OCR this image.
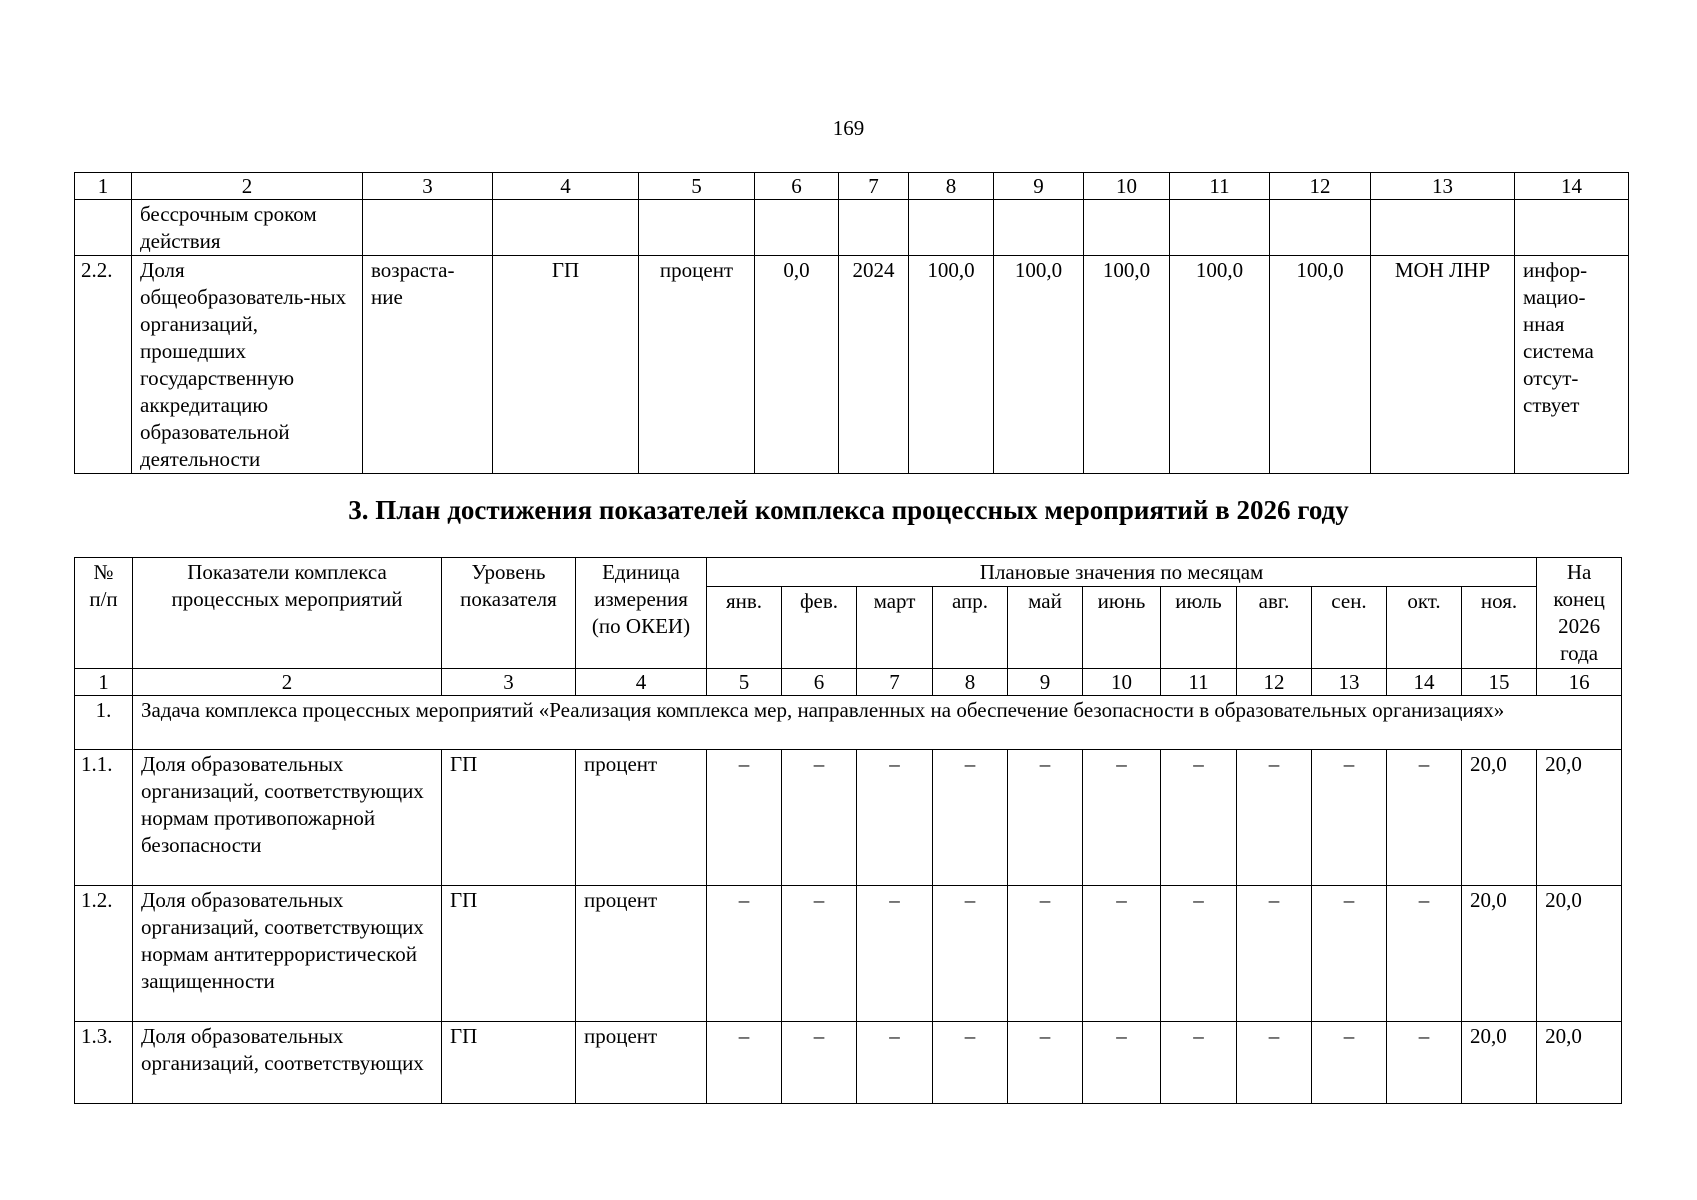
169
1	2	3	4	5	6	7	8	9	10	11	12	13	14
	бессрочным сроком действия												
2.2.	Доля общеобразователь-ных организаций, прошедших государственную аккредитацию образовательной деятельности	возраста-ние	ГП	процент	0,0	2024	100,0	100,0	100,0	100,0	100,0	МОН ЛНР	инфор-мацио-нная система отсут-ствует
3. План достижения показателей комплекса процессных мероприятий в 2026 году
№ п/п	Показатели комплекса процессных мероприятий	Уровень показателя	Единица измерения (по ОКЕИ)	Плановые значения по месяцам											На конец 2026 года
				янв.	фев.	март	апр.	май	июнь	июль	авг.	сен.	окт.	ноя.	
1	2	3	4	5	6	7	8	9	10	11	12	13	14	15	16
1.	Задача комплекса процессных мероприятий «Реализация комплекса мер, направленных на обеспечение безопасности в образовательных организациях»														
1.1.	Доля образовательных организаций, соответствующих нормам противопожарной безопасности	ГП	процент	–	–	–	–	–	–	–	–	–	–	20,0	20,0
1.2.	Доля образовательных организаций, соответствующих нормам антитеррористической защищенности	ГП	процент	–	–	–	–	–	–	–	–	–	–	20,0	20,0
1.3.	Доля образовательных организаций, соответствующих	ГП	процент	–	–	–	–	–	–	–	–	–	–	20,0	20,0
